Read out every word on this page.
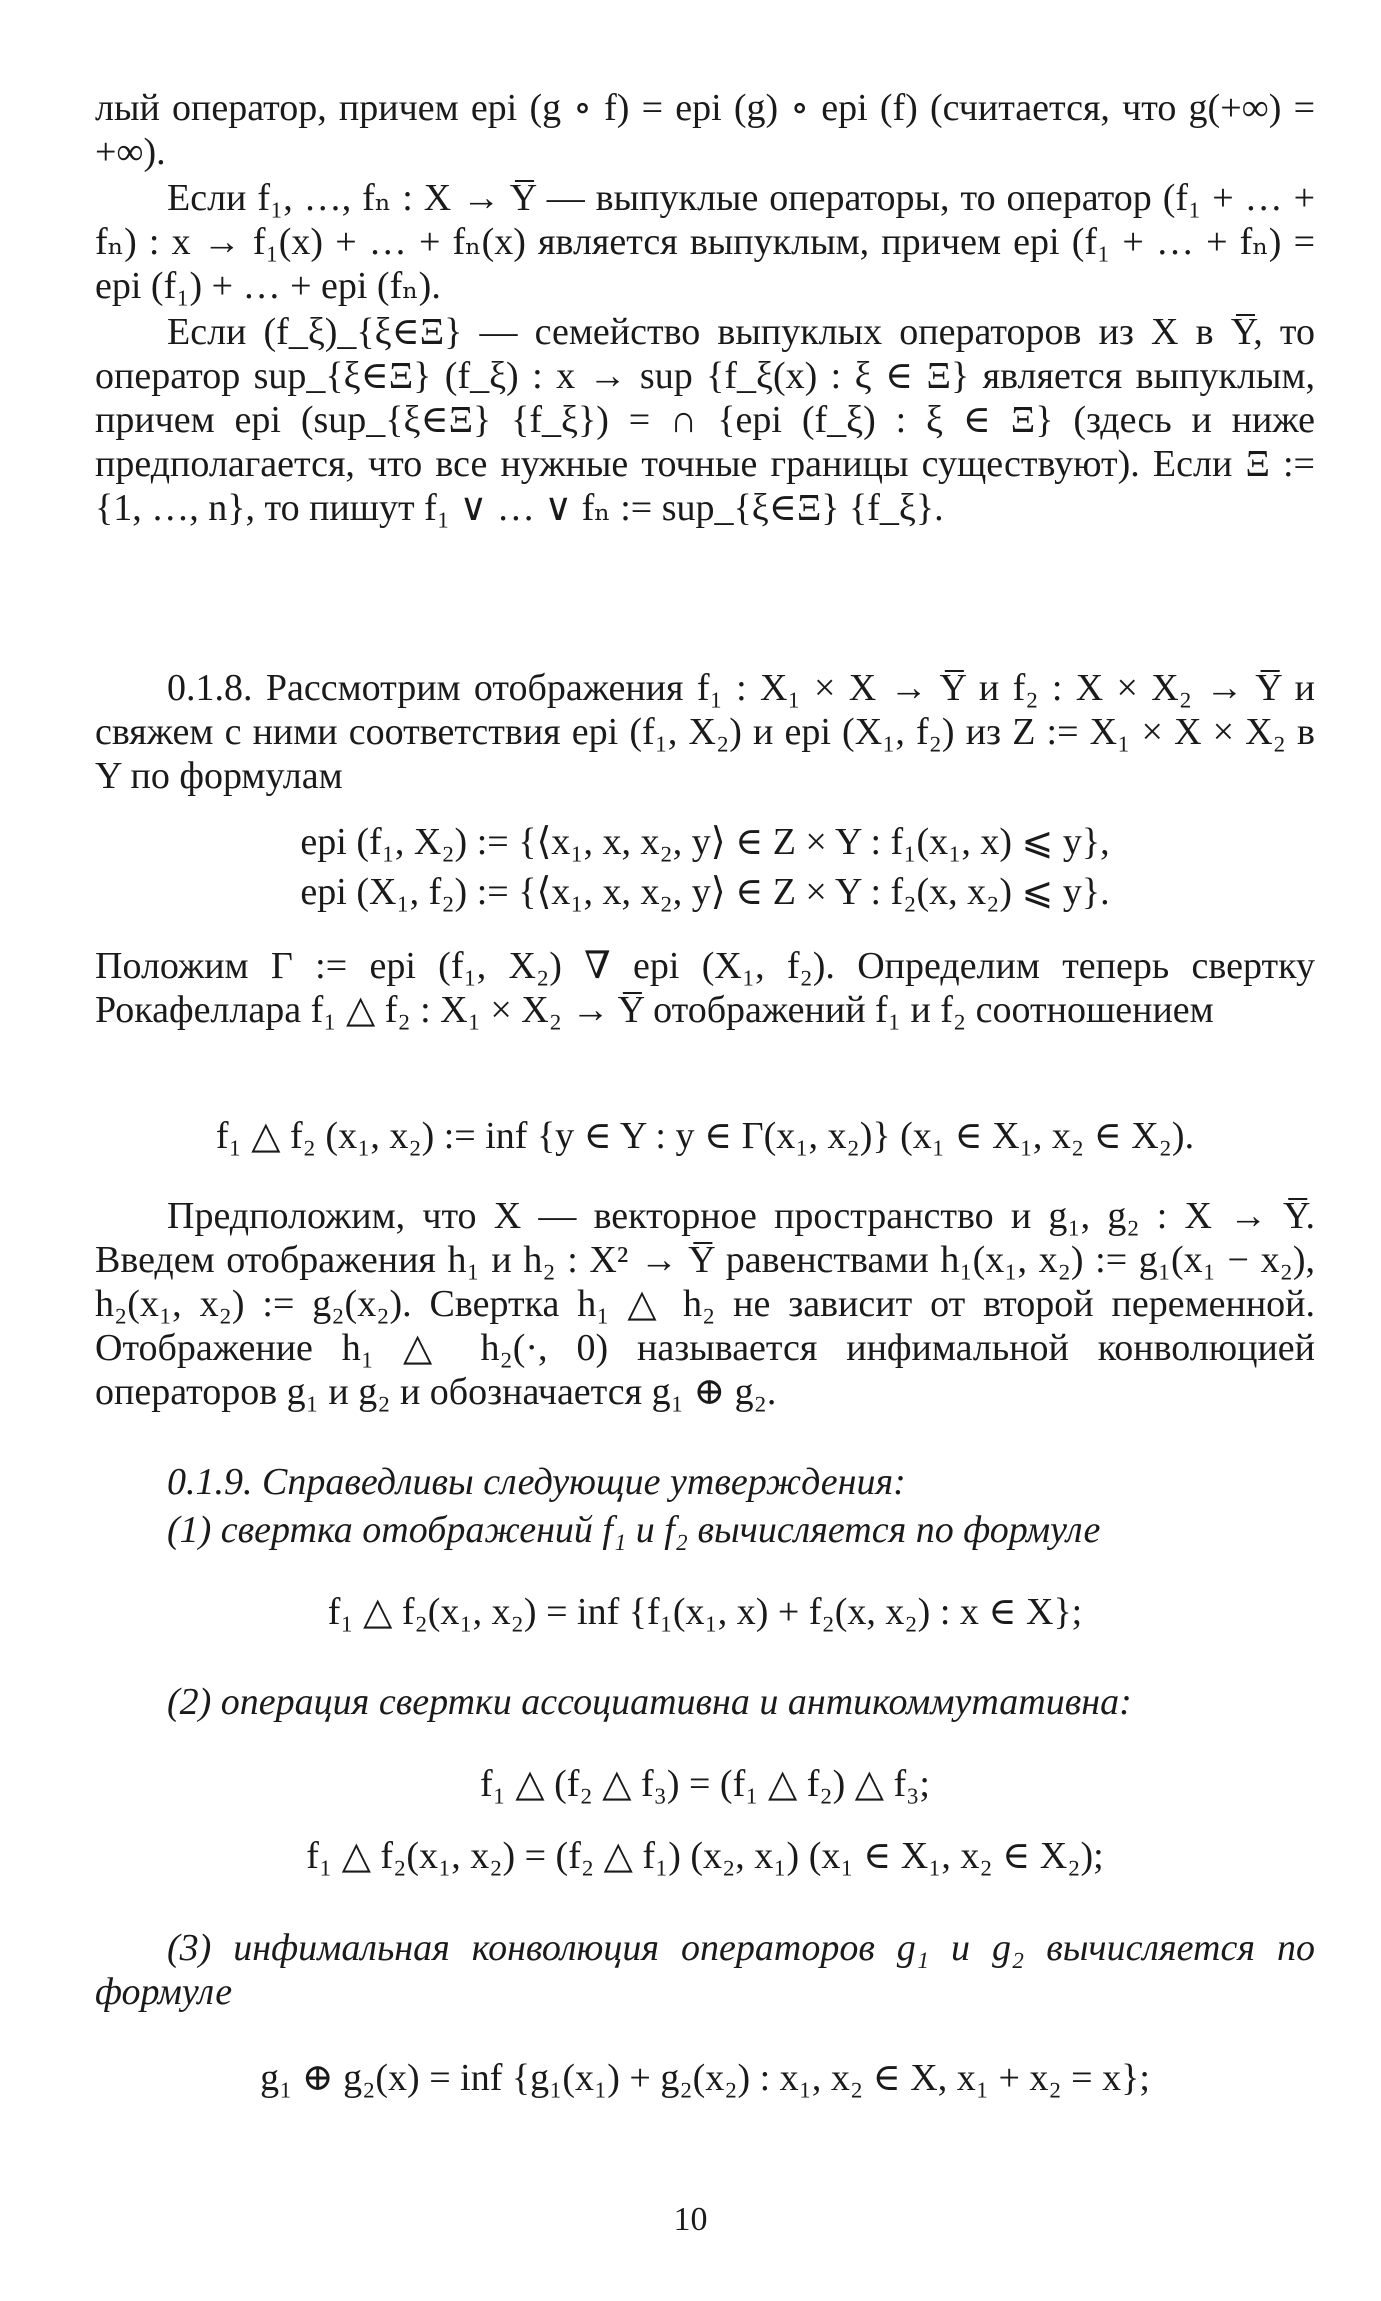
лый оператор, причем epi (g ∘ f) = epi (g) ∘ epi (f) (считается, что g(+∞) = +∞).

Если f₁, …, fₙ : X → Y̅ — выпуклые операторы, то оператор (f₁ + … + fₙ) : x → f₁(x) + … + fₙ(x) является выпуклым, причем epi (f₁ + … + fₙ) = epi (f₁) + … + epi (fₙ).

Если (f_ξ)_{ξ∈Ξ} — семейство выпуклых операторов из X в Y̅, то оператор sup_{ξ∈Ξ} (f_ξ) : x → sup {f_ξ(x) : ξ ∈ Ξ} является выпуклым, причем epi (sup_{ξ∈Ξ} {f_ξ}) = ∩ {epi (f_ξ) : ξ ∈ Ξ} (здесь и ниже предполагается, что все нужные точные границы существуют). Если Ξ := {1, …, n}, то пишут f₁ ∨ … ∨ fₙ := sup_{ξ∈Ξ} {f_ξ}.

0.1.8. Рассмотрим отображения f₁ : X₁ × X → Y̅ и f₂ : X × X₂ → Y̅ и свяжем с ними соответствия epi (f₁, X₂) и epi (X₁, f₂) из Z := X₁ × X × X₂ в Y по формулам

epi (f₁, X₂) := {⟨x₁, x, x₂, y⟩ ∈ Z × Y : f₁(x₁, x) ⩽ y},

epi (X₁, f₂) := {⟨x₁, x, x₂, y⟩ ∈ Z × Y : f₂(x, x₂) ⩽ y}.

Положим Γ := epi (f₁, X₂) ∇ epi (X₁, f₂). Определим теперь свертку Рокафеллара f₁ △ f₂ : X₁ × X₂ → Y̅ отображений f₁ и f₂ соотношением

f₁ △ f₂ (x₁, x₂) := inf {y ∈ Y : y ∈ Γ(x₁, x₂)} (x₁ ∈ X₁, x₂ ∈ X₂).

Предположим, что X — векторное пространство и g₁, g₂ : X → Y̅. Введем отображения h₁ и h₂ : X² → Y̅ равенствами h₁(x₁, x₂) := g₁(x₁ − x₂), h₂(x₁, x₂) := g₂(x₂). Свертка h₁ △ h₂ не зависит от второй переменной. Отображение h₁ △ h₂(·, 0) называется инфимальной конволюцией операторов g₁ и g₂ и обозначается g₁ ⊕ g₂.

0.1.9. Справедливы следующие утверждения:

(1) свертка отображений f₁ и f₂ вычисляется по формуле

f₁ △ f₂(x₁, x₂) = inf {f₁(x₁, x) + f₂(x, x₂) : x ∈ X};

(2) операция свертки ассоциативна и антикоммутативна:

f₁ △ (f₂ △ f₃) = (f₁ △ f₂) △ f₃;

f₁ △ f₂(x₁, x₂) = (f₂ △ f₁) (x₂, x₁) (x₁ ∈ X₁, x₂ ∈ X₂);

(3) инфимальная конволюция операторов g₁ и g₂ вычисляется по формуле

g₁ ⊕ g₂(x) = inf {g₁(x₁) + g₂(x₂) : x₁, x₂ ∈ X, x₁ + x₂ = x};

10
